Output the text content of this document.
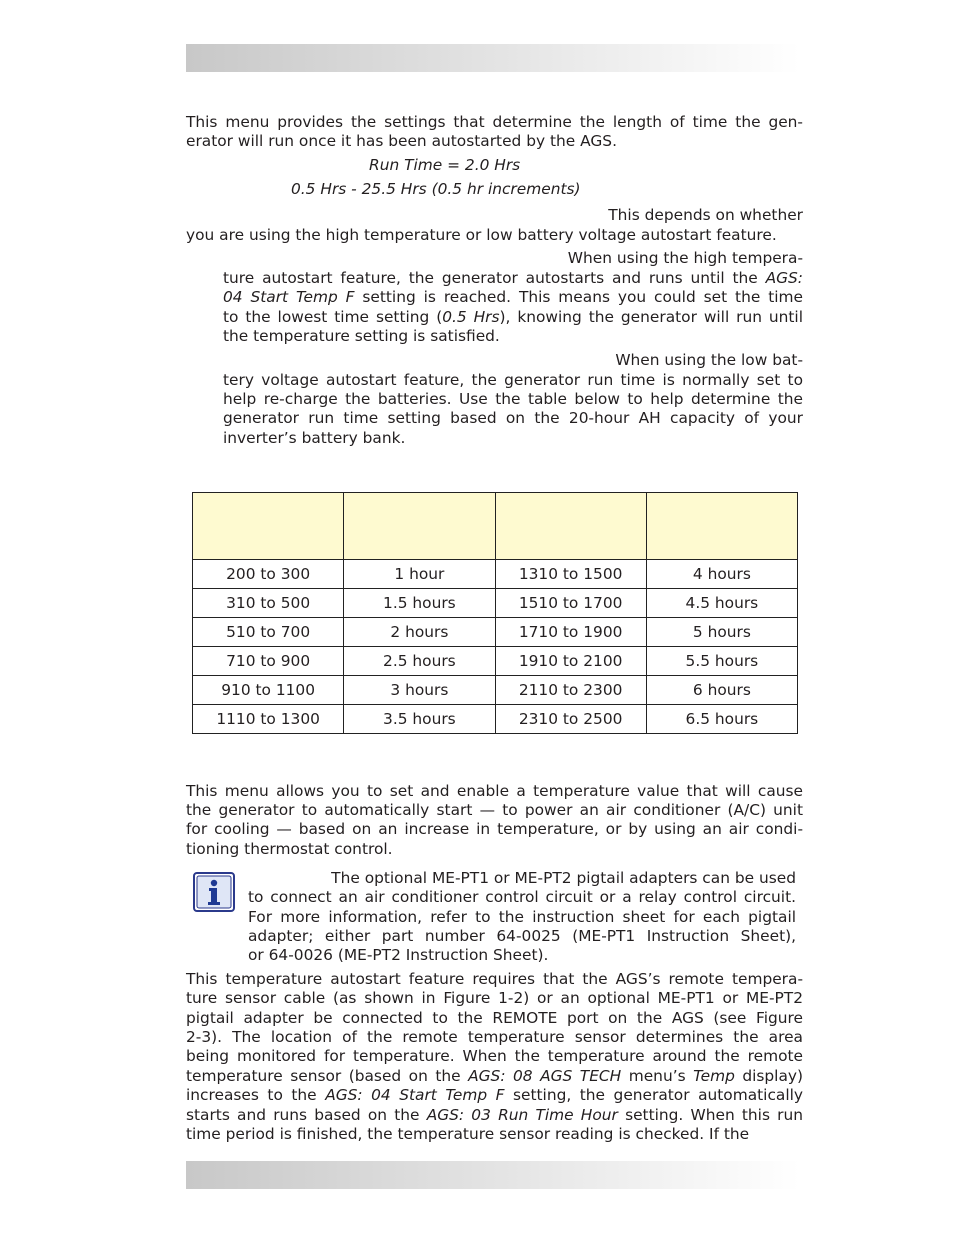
This menu provides the settings that determine the length of time the gen-
erator will run once it has been autostarted by the AGS.
Run Time = 2.0 Hrs
0.5 Hrs - 25.5 Hrs (0.5 hr increments)
This depends on whether
you are using the high temperature or low battery voltage autostart feature.
When using the high tempera-
ture autostart feature, the generator autostarts and runs until the AGS:
04 Start Temp F setting is reached. This means you could set the time
to the lowest time setting (0.5 Hrs), knowing the generator will run until
the temperature setting is satisfied.
When using the low bat-
tery voltage autostart feature, the generator run time is normally set to
help re-charge the batteries. Use the table below to help determine the
generator run time setting based on the 20-hour AH capacity of your
inverter’s battery bank.

200 to 300	1 hour	1310 to 1500	4 hours
310 to 500	1.5 hours	1510 to 1700	4.5 hours
510 to 700	2 hours	1710 to 1900	5 hours
710 to 900	2.5 hours	1910 to 2100	5.5 hours
910 to 1100	3 hours	2110 to 2300	6 hours
1110 to 1300	3.5 hours	2310 to 2500	6.5 hours
This menu allows you to set and enable a temperature value that will cause
the generator to automatically start — to power an air conditioner (A/C) unit
for cooling — based on an increase in temperature, or by using an air condi-
tioning thermostat control.
The optional ME-PT1 or ME-PT2 pigtail adapters can be used
to connect an air conditioner control circuit or a relay control circuit.
For more information, refer to the instruction sheet for each pigtail
adapter; either part number 64-0025 (ME-PT1 Instruction Sheet),
or 64-0026 (ME-PT2 Instruction Sheet).
This temperature autostart feature requires that the AGS’s remote tempera-
ture sensor cable (as shown in Figure 1-2) or an optional ME-PT1 or ME-PT2
pigtail adapter be connected to the REMOTE port on the AGS (see Figure
2-3). The location of the remote temperature sensor determines the area
being monitored for temperature. When the temperature around the remote
temperature sensor (based on the AGS: 08 AGS TECH menu’s Temp display)
increases to the AGS: 04 Start Temp F setting, the generator automatically
starts and runs based on the AGS: 03 Run Time Hour setting. When this run
time period is finished, the temperature sensor reading is checked. If the
